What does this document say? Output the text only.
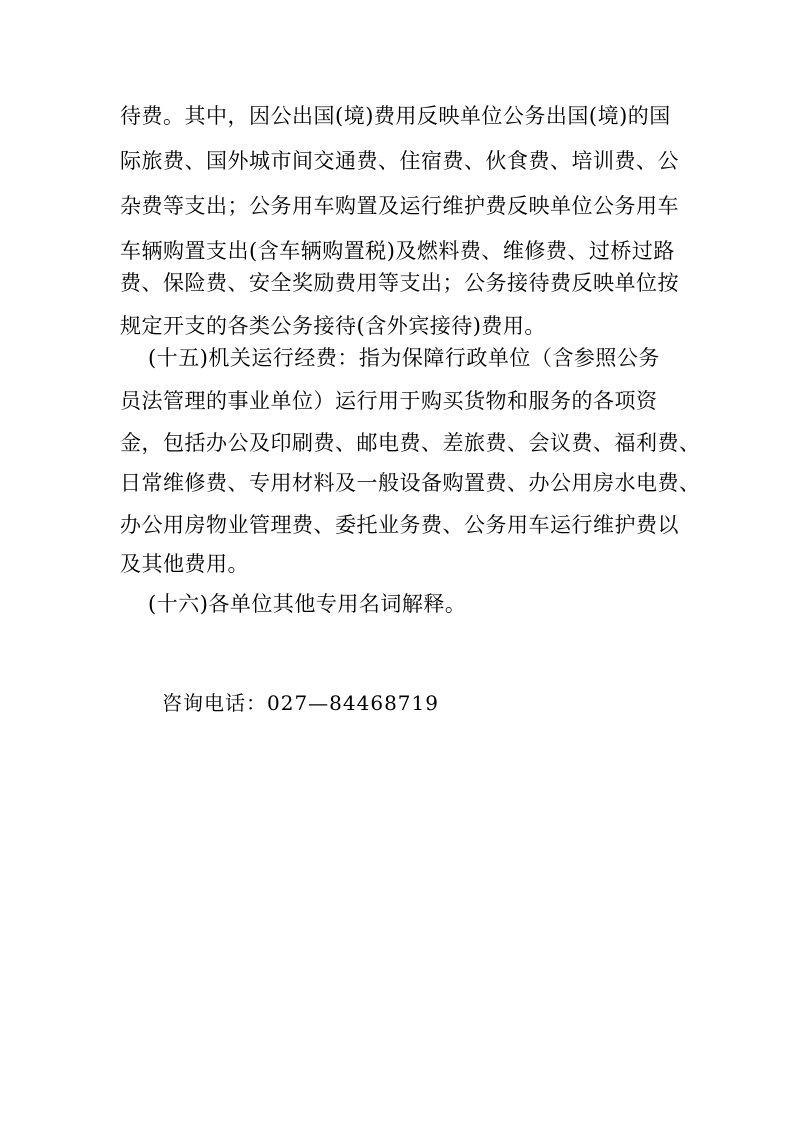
待费。其中，因公出国(境)费用反映单位公务出国(境)的国
际旅费、国外城市间交通费、住宿费、伙食费、培训费、公
杂费等支出；公务用车购置及运行维护费反映单位公务用车
车辆购置支出(含车辆购置税)及燃料费、维修费、过桥过路
费、保险费、安全奖励费用等支出；公务接待费反映单位按
规定开支的各类公务接待(含外宾接待)费用。
(十五)机关运行经费：指为保障行政单位（含参照公务
员法管理的事业单位）运行用于购买货物和服务的各项资
金，包括办公及印刷费、邮电费、差旅费、会议费、福利费、
日常维修费、专用材料及一般设备购置费、办公用房水电费、
办公用房物业管理费、委托业务费、公务用车运行维护费以
及其他费用。
(十六)各单位其他专用名词解释。
咨询电话：027—84468719
